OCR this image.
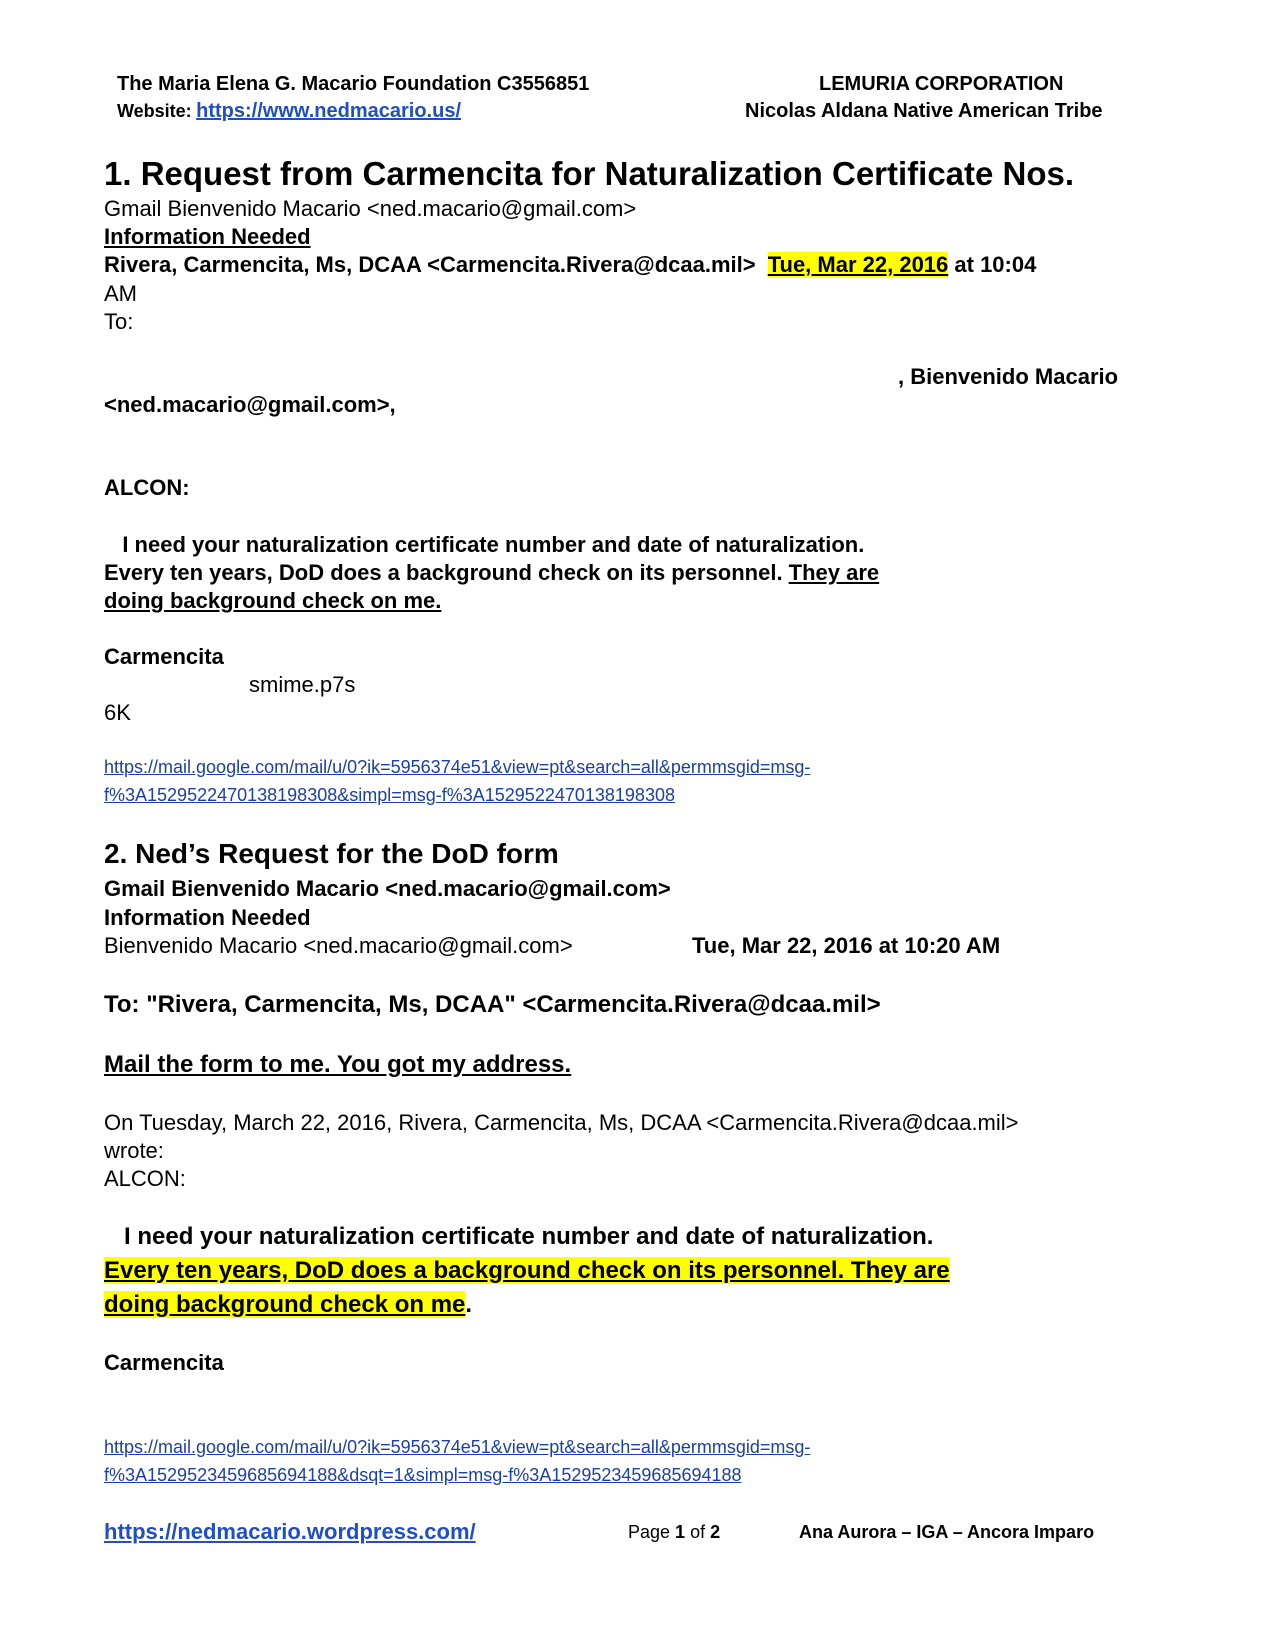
The Maria Elena G. Macario Foundation C3556851
Website: https://www.nedmacario.us/
LEMURIA CORPORATION
Nicolas Aldana Native American Tribe
1. Request from Carmencita for Naturalization Certificate Nos.
Gmail Bienvenido Macario <ned.macario@gmail.com>
Information Needed
Rivera, Carmencita, Ms, DCAA <Carmencita.Rivera@dcaa.mil> Tue, Mar 22, 2016 at 10:04
AM
To:
, Bienvenido Macario
<ned.macario@gmail.com>,
ALCON:
I need your naturalization certificate number and date of naturalization.
Every ten years, DoD does a background check on its personnel. They are
doing background check on me.
Carmencita
smime.p7s
6K
https://mail.google.com/mail/u/0?ik=5956374e51&view=pt&search=all&permmsgid=msg-
f%3A1529522470138198308&simpl=msg-f%3A1529522470138198308
2. Ned’s Request for the DoD form
Gmail Bienvenido Macario <ned.macario@gmail.com>
Information Needed
Bienvenido Macario <ned.macario@gmail.com>	Tue, Mar 22, 2016 at 10:20 AM
To: "Rivera, Carmencita, Ms, DCAA" <Carmencita.Rivera@dcaa.mil>
Mail the form to me. You got my address.
On Tuesday, March 22, 2016, Rivera, Carmencita, Ms, DCAA <Carmencita.Rivera@dcaa.mil>
wrote:
ALCON:
I need your naturalization certificate number and date of naturalization.
Every ten years, DoD does a background check on its personnel. They are
doing background check on me.
Carmencita
https://mail.google.com/mail/u/0?ik=5956374e51&view=pt&search=all&permmsgid=msg-
f%3A1529523459685694188&dsqt=1&simpl=msg-f%3A1529523459685694188
https://nedmacario.wordpress.com/	Page 1 of 2	Ana Aurora – IGA – Ancora Imparo
